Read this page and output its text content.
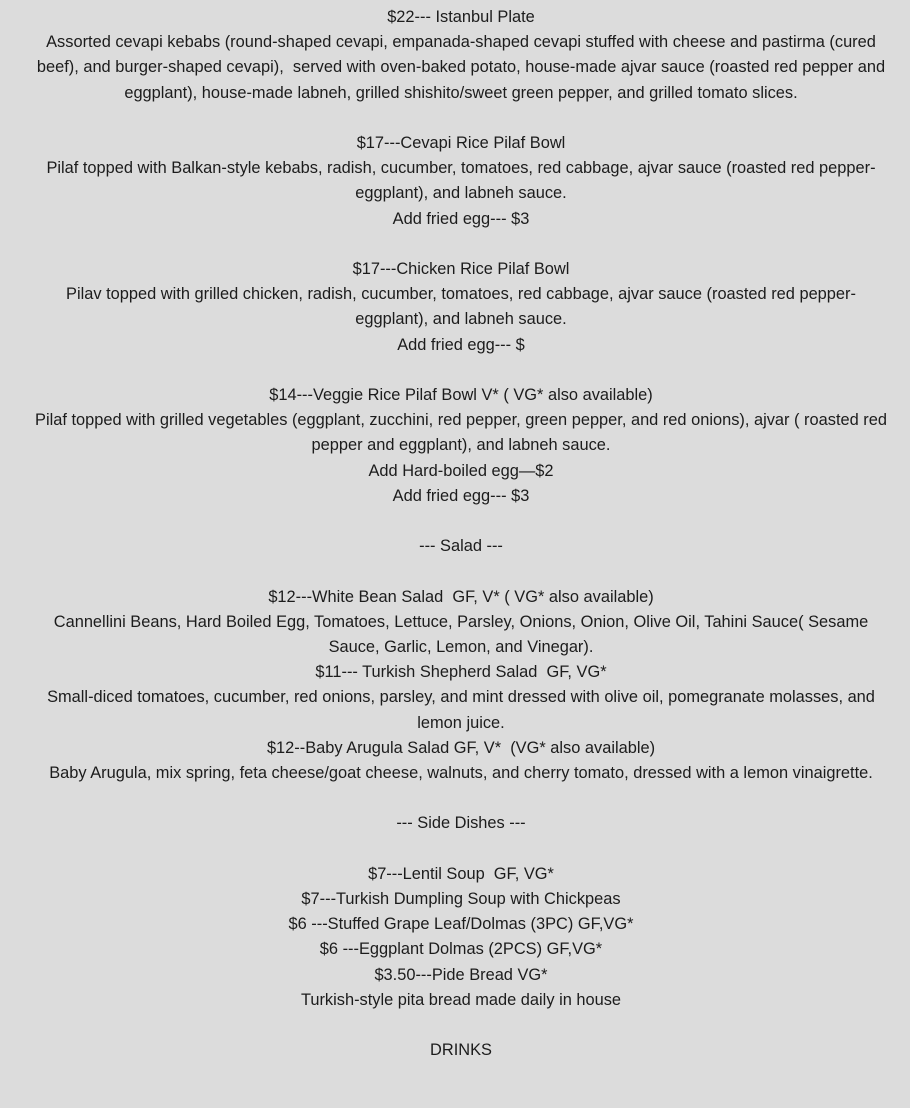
$22--- Istanbul Plate
Assorted cevapi kebabs (round-shaped cevapi, empanada-shaped cevapi stuffed with cheese and pastirma (cured beef), and burger-shaped cevapi),  served with oven-baked potato, house-made ajvar sauce (roasted red pepper and eggplant), house-made labneh, grilled shishito/sweet green pepper, and grilled tomato slices.
$17---Cevapi Rice Pilaf Bowl
Pilaf topped with Balkan-style kebabs, radish, cucumber, tomatoes, red cabbage, ajvar sauce (roasted red pepper-eggplant), and labneh sauce.
Add fried egg--- $3
$17---Chicken Rice Pilaf Bowl
Pilav topped with grilled chicken, radish, cucumber, tomatoes, red cabbage, ajvar sauce (roasted red pepper-eggplant), and labneh sauce.
Add fried egg--- $
$14---Veggie Rice Pilaf Bowl V* ( VG* also available)
Pilaf topped with grilled vegetables (eggplant, zucchini, red pepper, green pepper, and red onions), ajvar ( roasted red pepper and eggplant), and labneh sauce.
Add Hard-boiled egg—$2
Add fried egg--- $3
--- Salad ---
$12---White Bean Salad  GF, V* ( VG* also available)
Cannellini Beans, Hard Boiled Egg, Tomatoes, Lettuce, Parsley, Onions, Onion, Olive Oil, Tahini Sauce( Sesame Sauce, Garlic, Lemon, and Vinegar).
$11--- Turkish Shepherd Salad  GF, VG*
Small-diced tomatoes, cucumber, red onions, parsley, and mint dressed with olive oil, pomegranate molasses, and lemon juice.
$12--Baby Arugula Salad GF, V*  (VG* also available)
Baby Arugula, mix spring, feta cheese/goat cheese, walnuts, and cherry tomato, dressed with a lemon vinaigrette.
--- Side Dishes ---
$7---Lentil Soup  GF, VG*
$7---Turkish Dumpling Soup with Chickpeas
$6 ---Stuffed Grape Leaf/Dolmas (3PC) GF,VG*
$6 ---Eggplant Dolmas (2PCS) GF,VG*
$3.50---Pide Bread VG*
Turkish-style pita bread made daily in house
DRINKS
